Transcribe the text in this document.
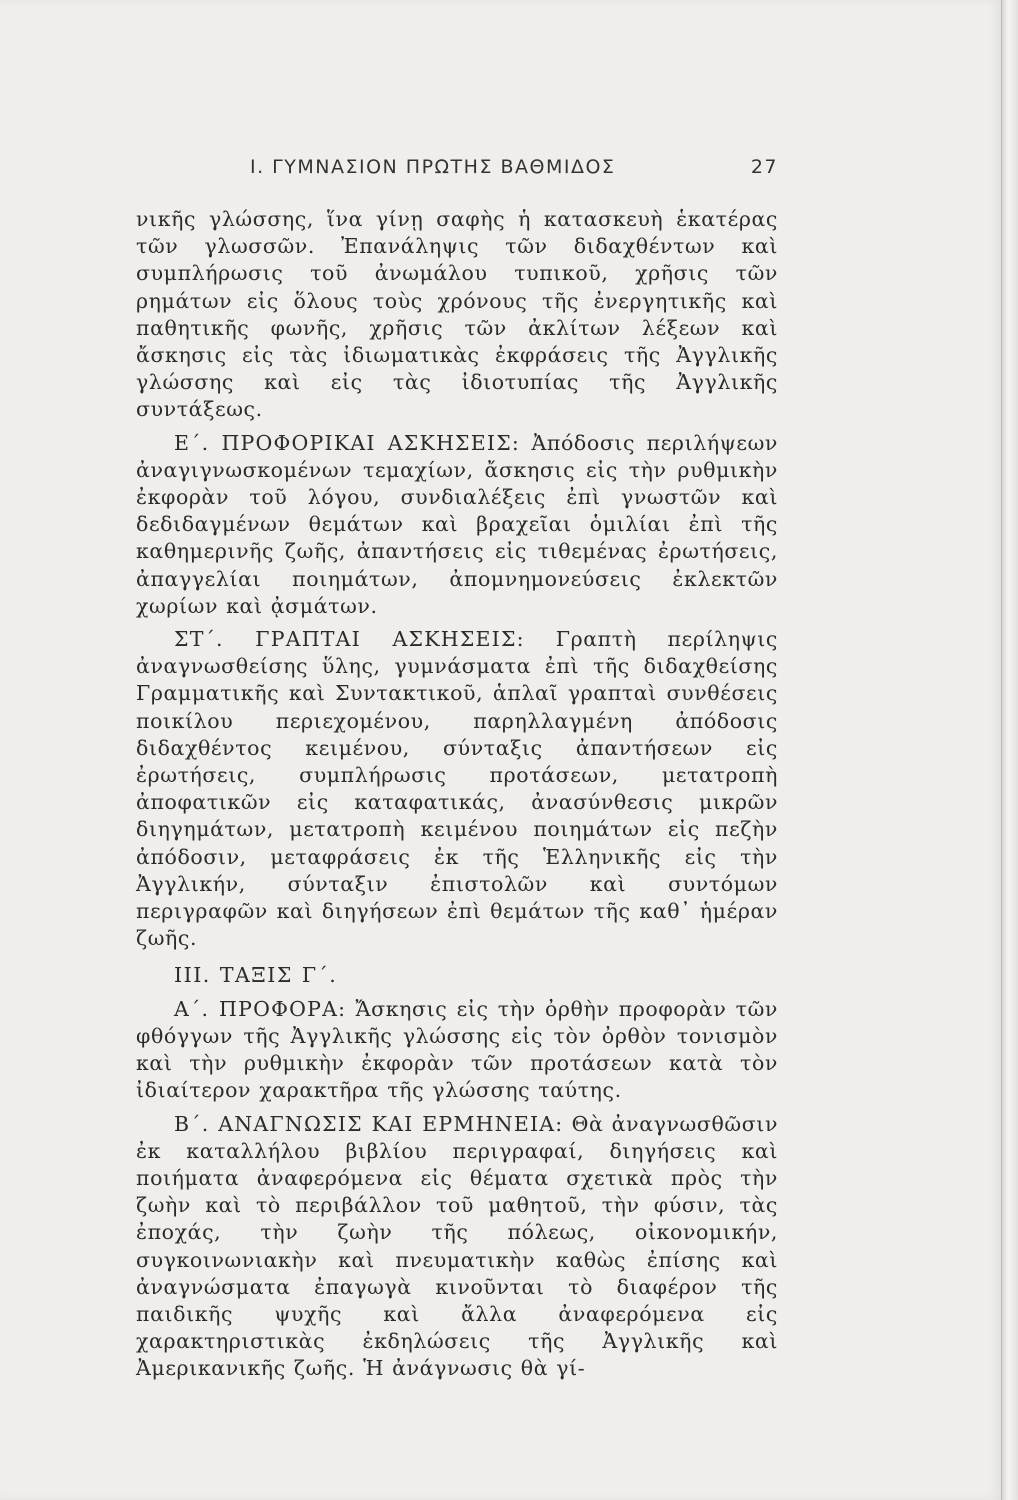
I. ΓΥΜΝΑΣΙΟΝ ΠΡΩΤΗΣ ΒΑΘΜΙΔΟΣ	27

νικῆς γλώσσης, ἵνα γίνῃ σαφὴς ἡ κατασκευὴ ἑκατέρας τῶν γλωσσῶν. Ἐπανάληψις τῶν διδαχθέντων καὶ συμπλήρωσις τοῦ ἀνωμάλου τυπικοῦ, χρῆσις τῶν ρημάτων εἰς ὅλους τοὺς χρόνους τῆς ἐνεργητικῆς καὶ παθητικῆς φωνῆς, χρῆσις τῶν ἀκλίτων λέξεων καὶ ἄσκησις εἰς τὰς ἰδιωματικὰς ἐκφράσεις τῆς Ἀγγλικῆς γλώσσης καὶ εἰς τὰς ἰδιοτυπίας τῆς Ἀγγλικῆς συντάξεως.

Ε΄. ΠΡΟΦΟΡΙΚΑΙ ΑΣΚΗΣΕΙΣ: Ἀπόδοσις περιλήψεων ἀναγιγνωσκομένων τεμαχίων, ἄσκησις εἰς τὴν ρυθμικὴν ἐκφορὰν τοῦ λόγου, συνδιαλέξεις ἐπὶ γνωστῶν καὶ δεδιδαγμένων θεμάτων καὶ βραχεῖαι ὁμιλίαι ἐπὶ τῆς καθημερινῆς ζωῆς, ἀπαντήσεις εἰς τιθεμένας ἐρωτήσεις, ἀπαγγελίαι ποιημάτων, ἀπομνημονεύσεις ἐκλεκτῶν χωρίων καὶ ᾀσμάτων.

ΣΤ΄. ΓΡΑΠΤΑΙ ΑΣΚΗΣΕΙΣ: Γραπτὴ περίληψις ἀναγνωσθείσης ὕλης, γυμνάσματα ἐπὶ τῆς διδαχθείσης Γραμματικῆς καὶ Συντακτικοῦ, ἁπλαῖ γραπταὶ συνθέσεις ποικίλου περιεχομένου, παρηλλαγμένη ἀπόδοσις διδαχθέντος κειμένου, σύνταξις ἀπαντήσεων εἰς ἐρωτήσεις, συμπλήρωσις προτάσεων, μετατροπὴ ἀποφατικῶν εἰς καταφατικάς, ἀνασύνθεσις μικρῶν διηγημάτων, μετατροπὴ κειμένου ποιημάτων εἰς πεζὴν ἀπόδοσιν, μεταφράσεις ἐκ τῆς Ἑλληνικῆς εἰς τὴν Ἀγγλικήν, σύνταξιν ἐπιστολῶν καὶ συντόμων περιγραφῶν καὶ διηγήσεων ἐπὶ θεμάτων τῆς καθ᾽ ἡμέραν ζωῆς.

III. ΤΑΞΙΣ Γ΄.

Α΄. ΠΡΟΦΟΡΑ: Ἄσκησις εἰς τὴν ὀρθὴν προφορὰν τῶν φθόγγων τῆς Ἀγγλικῆς γλώσσης εἰς τὸν ὀρθὸν τονισμὸν καὶ τὴν ρυθμικὴν ἐκφορὰν τῶν προτάσεων κατὰ τὸν ἰδιαίτερον χαρακτῆρα τῆς γλώσσης ταύτης.

Β΄. ΑΝΑΓΝΩΣΙΣ ΚΑΙ ΕΡΜΗΝΕΙΑ: Θὰ ἀναγνωσθῶσιν ἐκ καταλλήλου βιβλίου περιγραφαί, διηγήσεις καὶ ποιήματα ἀναφερόμενα εἰς θέματα σχετικὰ πρὸς τὴν ζωὴν καὶ τὸ περιβάλλον τοῦ μαθητοῦ, τὴν φύσιν, τὰς ἐποχάς, τὴν ζωὴν τῆς πόλεως, οἰκονομικήν, συγκοινωνιακὴν καὶ πνευματικὴν καθὼς ἐπίσης καὶ ἀναγνώσματα ἐπαγωγὰ κινοῦνται τὸ διαφέρον τῆς παιδικῆς ψυχῆς καὶ ἄλλα ἀναφερόμενα εἰς χαρακτηριστικὰς ἐκδηλώσεις τῆς Ἀγγλικῆς καὶ Ἀμερικανικῆς ζωῆς. Ἡ ἀνάγνωσις θὰ γί-
